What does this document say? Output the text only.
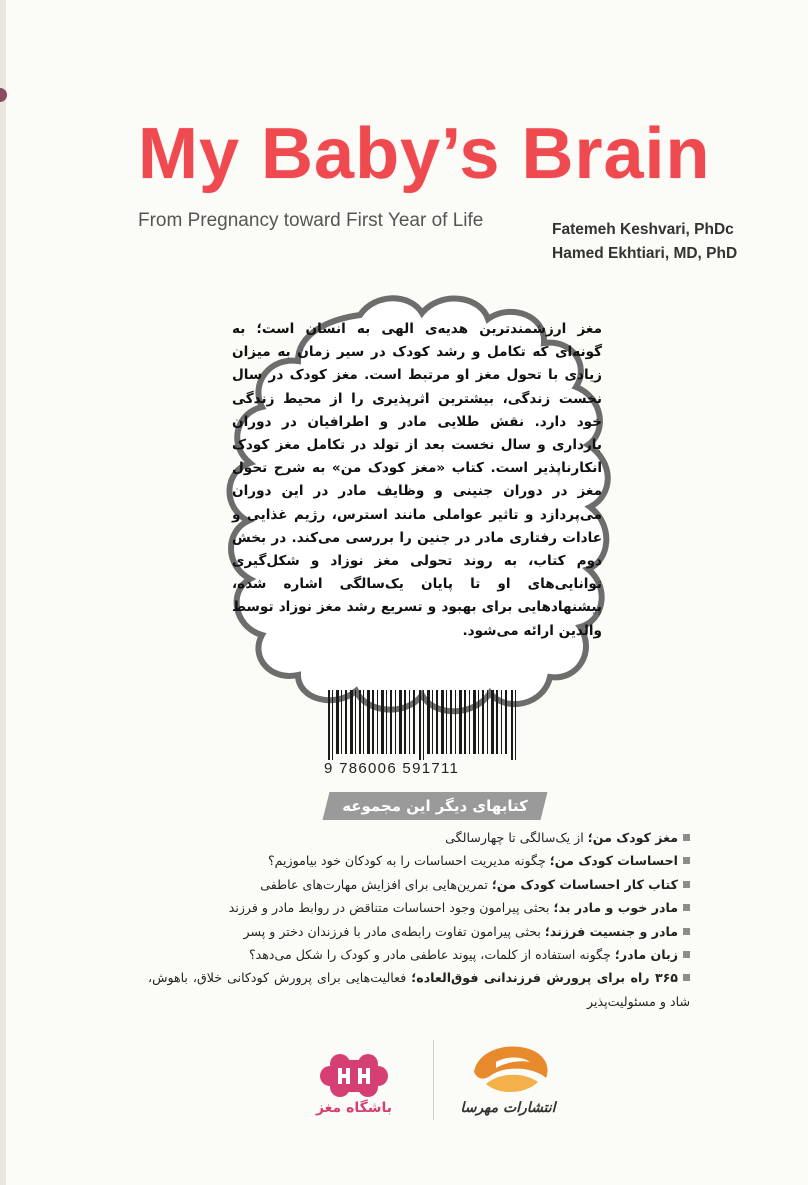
My Baby’s Brain
From Pregnancy toward First Year of Life	Fatemeh Keshvari, PhDc
Hamed Ekhtiari, MD, PhD
مغز ارزشمندترین هدیه‌ی الهی به انسان است؛ به گونه‌ای که تکامل و رشد کودک در سیر زمان به میزان زیادی با تحول مغز او مرتبط است. مغز کودک در سال نخست زندگی، بیشترین اثرپذیری را از محیط زندگی خود دارد. نقش طلایی مادر و اطرافیان در دوران بارداری و سال نخست بعد از تولد در تکامل مغز کودک انکارناپذیر است. کتاب «مغز کودک من» به شرح تحول مغز در دوران جنینی و وظایف مادر در این دوران می‌پردازد و تاثیر عواملی مانند استرس، رژیم غذایی و عادات رفتاری مادر در جنین را بررسی می‌کند. در بخش دوم کتاب، به روند تحولی مغز نوزاد و شکل‌گیری توانایی‌های او تا پایان یک‌سالگی اشاره شده، پیشنهادهایی برای بهبود و تسریع رشد مغز نوزاد توسط والدین ارائه می‌شود.
9 786006 591711
کتابهای دیگر این مجموعه
مغز کودک من؛ از یک‌سالگی تا چهارسالگی
احساسات کودک من؛ چگونه مدیریت احساسات را به کودکان خود بیاموزیم؟
کتاب کار احساسات کودک من؛ تمرین‌هایی برای افزایش مهارت‌های عاطفی
مادر خوب و مادر بد؛ بحثی پیرامون وجود احساسات متناقض در روابط مادر و فرزند
مادر و جنسیت فرزند؛ بحثی پیرامون تفاوت رابطه‌ی مادر با فرزندان دختر و پسر
زبان مادر؛ چگونه استفاده از کلمات، پیوند عاطفی مادر و کودک را شکل می‌دهد؟
۳۶۵ راه برای پرورش فرزندانی فوق‌العاده؛ فعالیت‌هایی برای پرورش کودکانی خلاق، باهوش، شاد و مسئولیت‌پذیر
باشگاه مغز	انتشارات مهرسا
